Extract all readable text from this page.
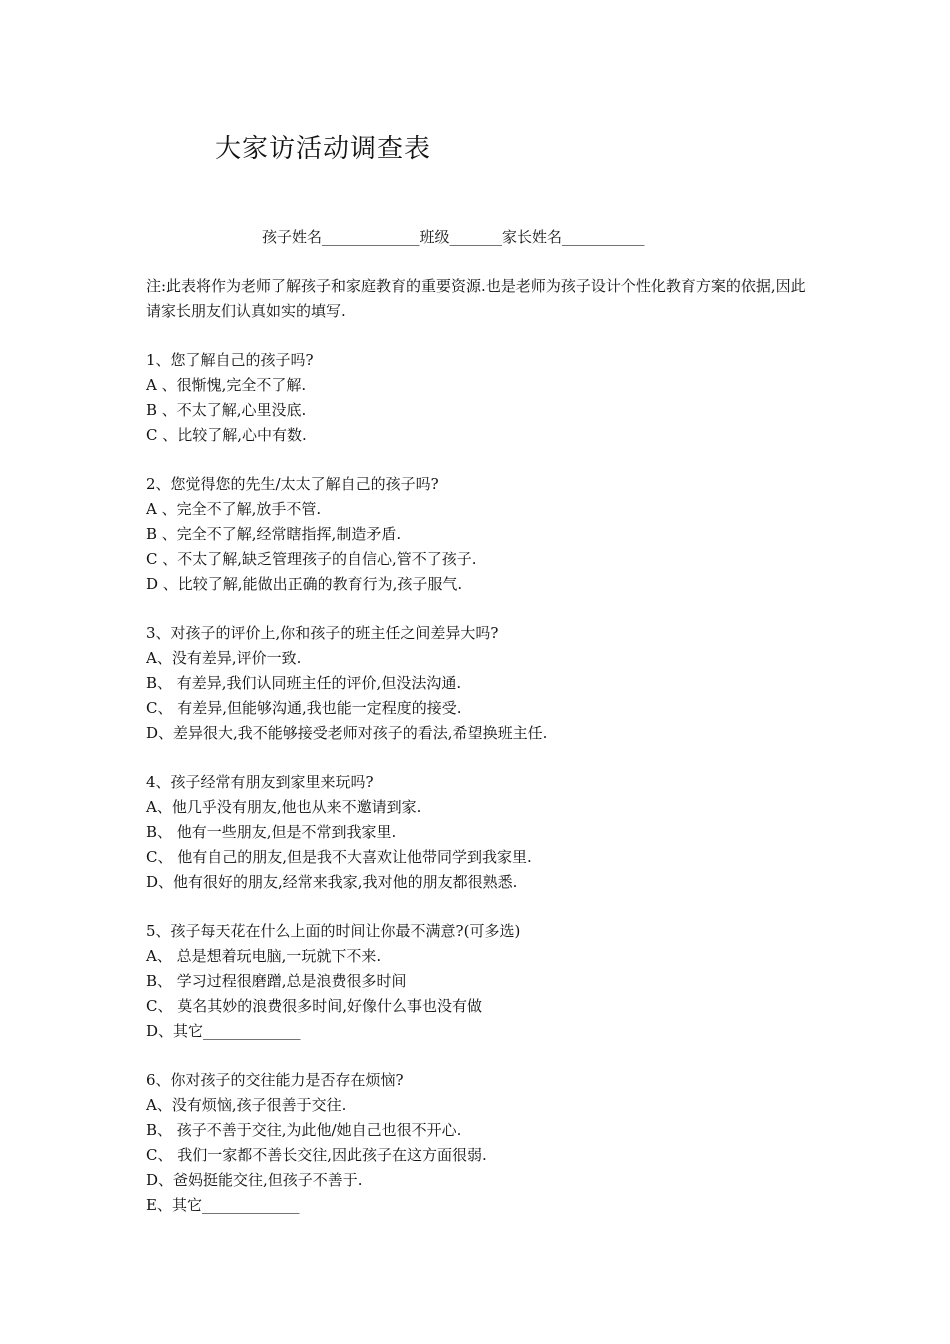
大家访活动调查表
孩子姓名_____________班级_______家长姓名___________
注:此表将作为老师了解孩子和家庭教育的重要资源.也是老师为孩子设计个性化教育方案的依据,因此请家长朋友们认真如实的填写.
1、您了解自己的孩子吗?
A 、很惭愧,完全不了解.
B 、不太了解,心里没底.
C 、比较了解,心中有数.
2、您觉得您的先生/太太了解自己的孩子吗?
A 、完全不了解,放手不管.
B 、完全不了解,经常瞎指挥,制造矛盾.
C 、不太了解,缺乏管理孩子的自信心,管不了孩子.
D 、比较了解,能做出正确的教育行为,孩子服气.
3、对孩子的评价上,你和孩子的班主任之间差异大吗?
A、没有差异,评价一致.
B、 有差异,我们认同班主任的评价,但没法沟通.
C、 有差异,但能够沟通,我也能一定程度的接受.
D、差异很大,我不能够接受老师对孩子的看法,希望换班主任.
4、孩子经常有朋友到家里来玩吗?
A、他几乎没有朋友,他也从来不邀请到家.
B、 他有一些朋友,但是不常到我家里.
C、 他有自己的朋友,但是我不大喜欢让他带同学到我家里.
D、他有很好的朋友,经常来我家,我对他的朋友都很熟悉.
5、孩子每天花在什么上面的时间让你最不满意?(可多选)
A、 总是想着玩电脑,一玩就下不来.
B、 学习过程很磨蹭,总是浪费很多时间
C、 莫名其妙的浪费很多时间,好像什么事也没有做
D、其它_____________
6、你对孩子的交往能力是否存在烦恼?
A、没有烦恼,孩子很善于交往.
B、 孩子不善于交往,为此他/她自己也很不开心.
C、 我们一家都不善长交往,因此孩子在这方面很弱.
D、爸妈挺能交往,但孩子不善于.
E、其它_____________
